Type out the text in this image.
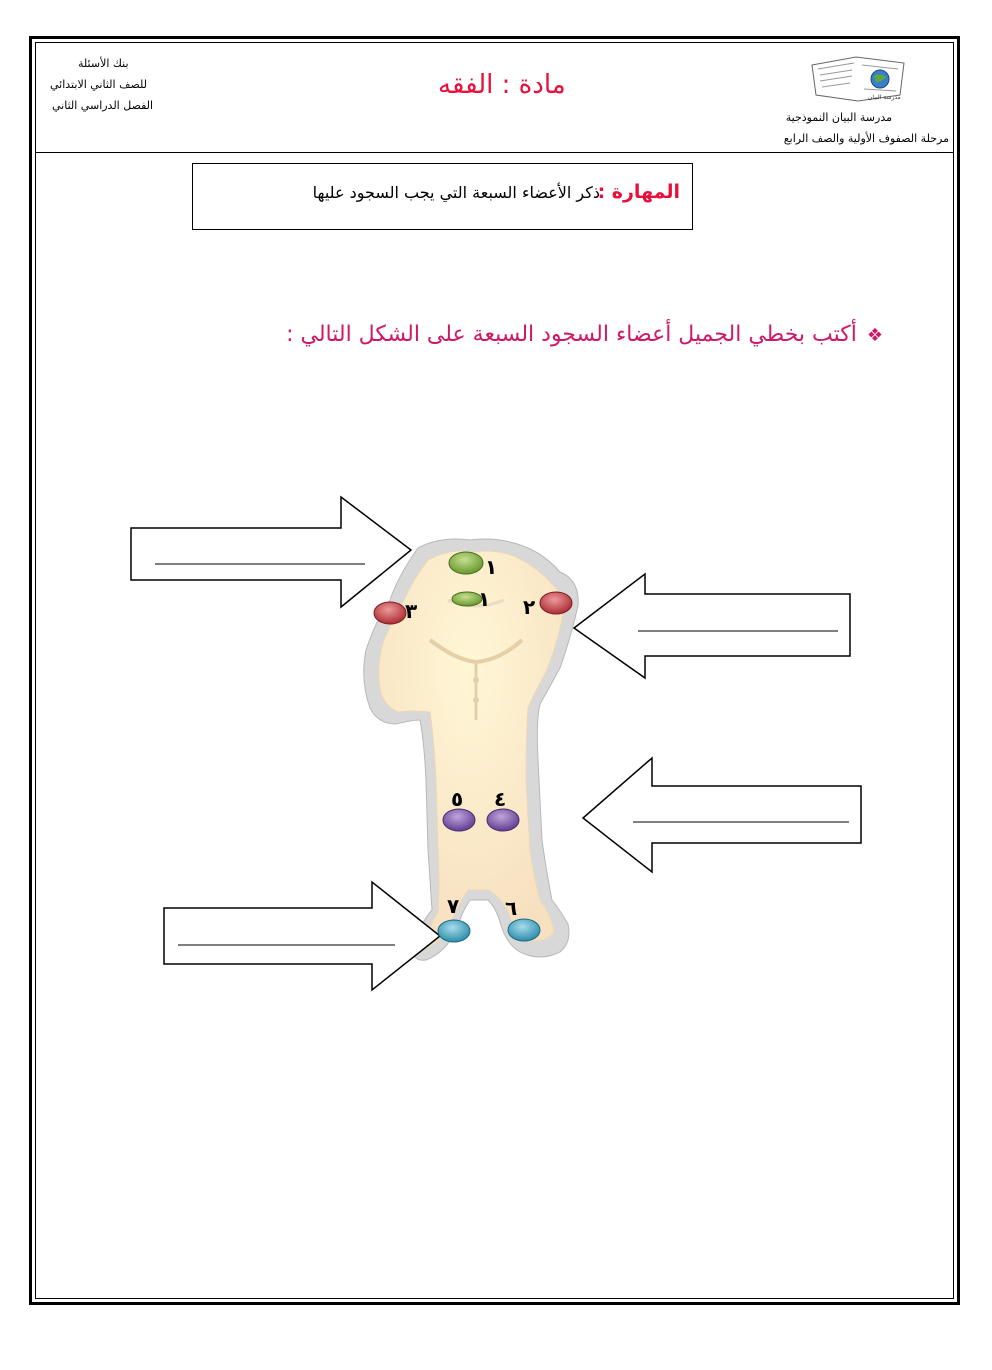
بنك الأسئلة
للصف الثاني الابتدائي
الفصل الدراسي الثاني
مادة : الفقه	مدرسة البيان
مدرسة البيان النموذجية
مرحلة الصفوف الأولية والصف الرابع
المهارة :
ذكر الأعضاء السبعة التي يجب السجود عليها
❖أكتب بخطي الجميل أعضاء السجود السبعة على الشكل التالي :
١
١ ٢
٣
٤
٥
٦
٧
